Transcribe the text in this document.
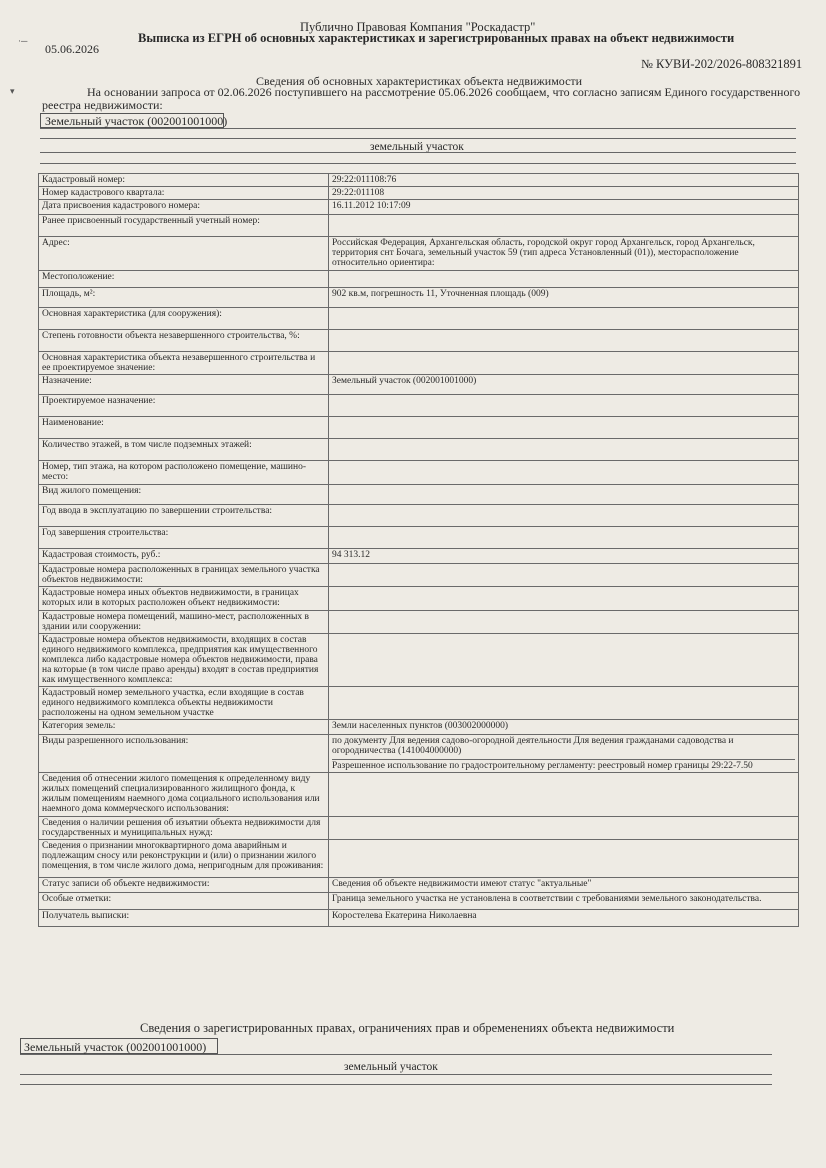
·─
▾
Публично Правовая Компания "Роскадастр"
Выписка из ЕГРН об основных характеристиках и зарегистрированных правах на объект недвижимости
05.06.2026
№ КУВИ-202/2026-808321891
Сведения об основных характеристиках объекта недвижимости
На основании запроса от 02.06.2026 поступившего на рассмотрение 05.06.2026 сообщаем, что согласно записям Единого государственного реестра недвижимости:
Земельный участок (002001001000)
земельный участок
Кадастровый номер:	29:22:011108:76

Номер кадастрового квартала:	29:22:011108

Дата присвоения кадастрового номера:	16.11.2012 10:17:09

Ранее присвоенный государственный учетный номер:	

Адрес:	Российская Федерация, Архангельская область, городской округ город Архангельск, город Архангельск, территория снт Бочага, земельный участок 59 (тип адреса Установленный (01)), месторасположение относительно ориентира:

Местоположение:	

Площадь, м²:	902 кв.м, погрешность 11, Уточненная площадь (009)

Основная характеристика (для сооружения):	

Степень готовности объекта незавершенного строительства, %:	

Основная характеристика объекта незавершенного строительства и ее проектируемое значение:	

Назначение:	Земельный участок (002001001000)

Проектируемое назначение:	

Наименование:	

Количество этажей, в том числе подземных этажей:	

Номер, тип этажа, на котором расположено помещение, машино-место:	

Вид жилого помещения:	

Год ввода в эксплуатацию по завершении строительства:	

Год завершения строительства:	

Кадастровая стоимость, руб.:	94 313.12

Кадастровые номера расположенных в границах земельного участка объектов недвижимости:	

Кадастровые номера иных объектов недвижимости, в границах которых или в которых расположен объект недвижимости:	

Кадастровые номера помещений, машино-мест, расположенных в здании или сооружении:	

Кадастровые номера объектов недвижимости, входящих в состав единого недвижимого комплекса, предприятия как имущественного комплекса либо кадастровые номера объектов недвижимости, права на которые (в том числе право аренды) входят в состав предприятия как имущественного комплекса:	

Кадастровый номер земельного участка, если входящие в состав единого недвижимого комплекса объекты недвижимости расположены на одном земельном участке	

Категория земель:	Земли населенных пунктов (003002000000)

Виды разрешенного использования:	по документу Для ведения садово-огородной деятельности Для ведения гражданами садоводства и огородничества (141004000000)
Разрешенное использование по градостроительному регламенту: реестровый номер границы 29:22-7.50

Сведения об отнесении жилого помещения к определенному виду жилых помещений специализированного жилищного фонда, к жилым помещениям наемного дома социального использования или наемного дома коммерческого использования:	

Сведения о наличии решения об изъятии объекта недвижимости для государственных и муниципальных нужд:	

Сведения о признании многоквартирного дома аварийным и подлежащим сносу или реконструкции и (или) о признании жилого помещения, в том числе жилого дома, непригодным для проживания:	

Статус записи об объекте недвижимости:	Сведения об объекте недвижимости имеют статус "актуальные"

Особые отметки:	Граница земельного участка не установлена в соответствии с требованиями земельного законодательства.

Получатель выписки:	Коростелева Екатерина Николаевна
Сведения о зарегистрированных правах, ограничениях прав и обременениях объекта недвижимости
Земельный участок (002001001000)
земельный участок
